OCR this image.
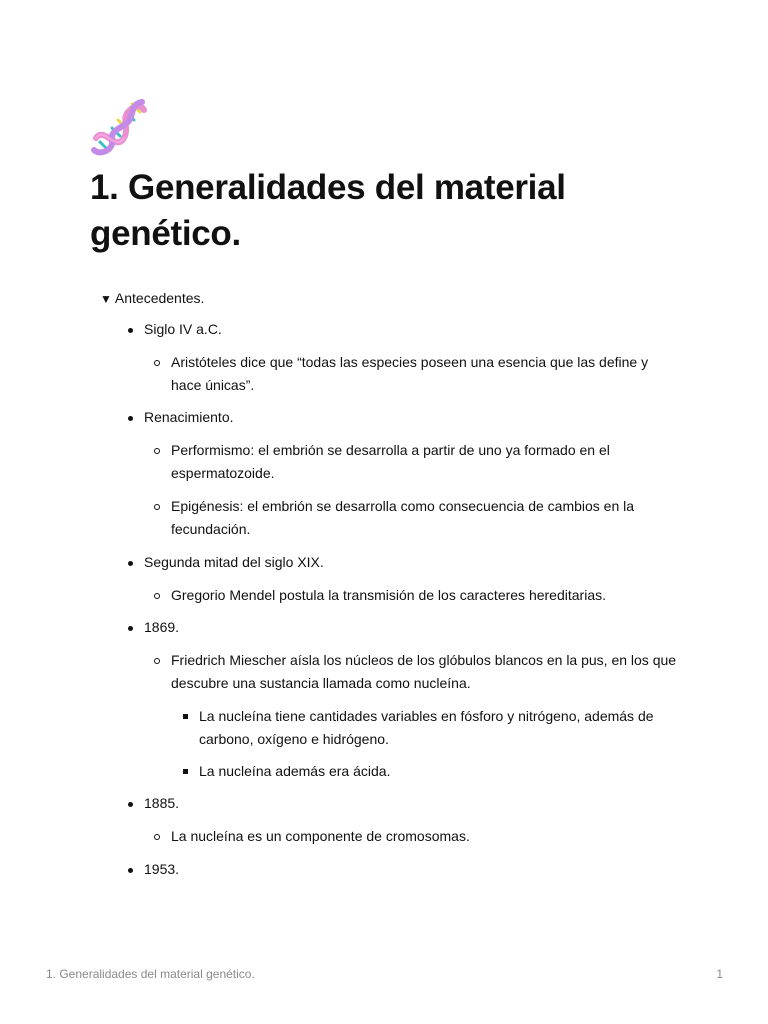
1. Generalidades del material genético.
▼ Antecedentes.
Siglo IV a.C.
Aristóteles dice que “todas las especies poseen una esencia que las define y hace únicas”.
Renacimiento.
Performismo: el embrión se desarrolla a partir de uno ya formado en el espermatozoide.
Epigénesis: el embrión se desarrolla como consecuencia de cambios en la fecundación.
Segunda mitad del siglo XIX.
Gregorio Mendel postula la transmisión de los caracteres hereditarias.
1869.
Friedrich Miescher aísla los núcleos de los glóbulos blancos en la pus, en los que descubre una sustancia llamada como nucleína.
La nucleína tiene cantidades variables en fósforo y nitrógeno, además de carbono, oxígeno e hidrógeno.
La nucleína además era ácida.
1885.
La nucleína es un componente de cromosomas.
1953.
1. Generalidades del material genético.	1
